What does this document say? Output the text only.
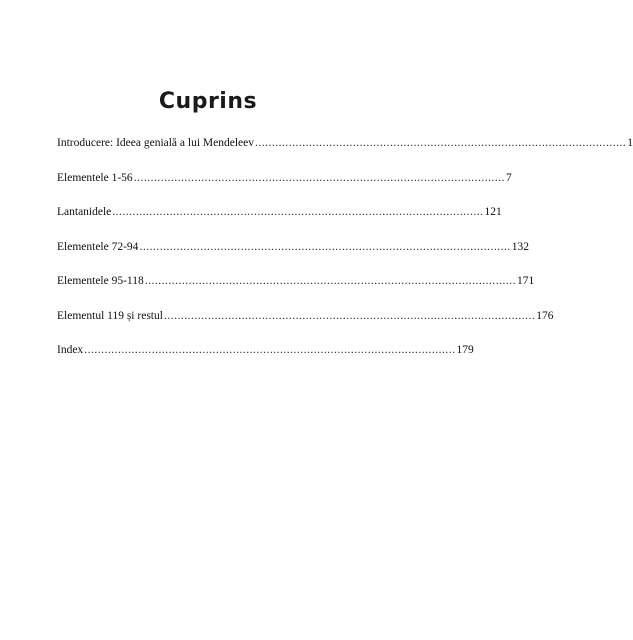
Cuprins
Introducere: Ideea genială a lui Mendeleev .............................................................................................................. 1
Elementele 1-56 .............................................................................................................. 7
Lantanidele .............................................................................................................. 121
Elementele 72-94 .............................................................................................................. 132
Elementele 95-118 .............................................................................................................. 171
Elementul 119 și restul .............................................................................................................. 176
Index .............................................................................................................. 179
